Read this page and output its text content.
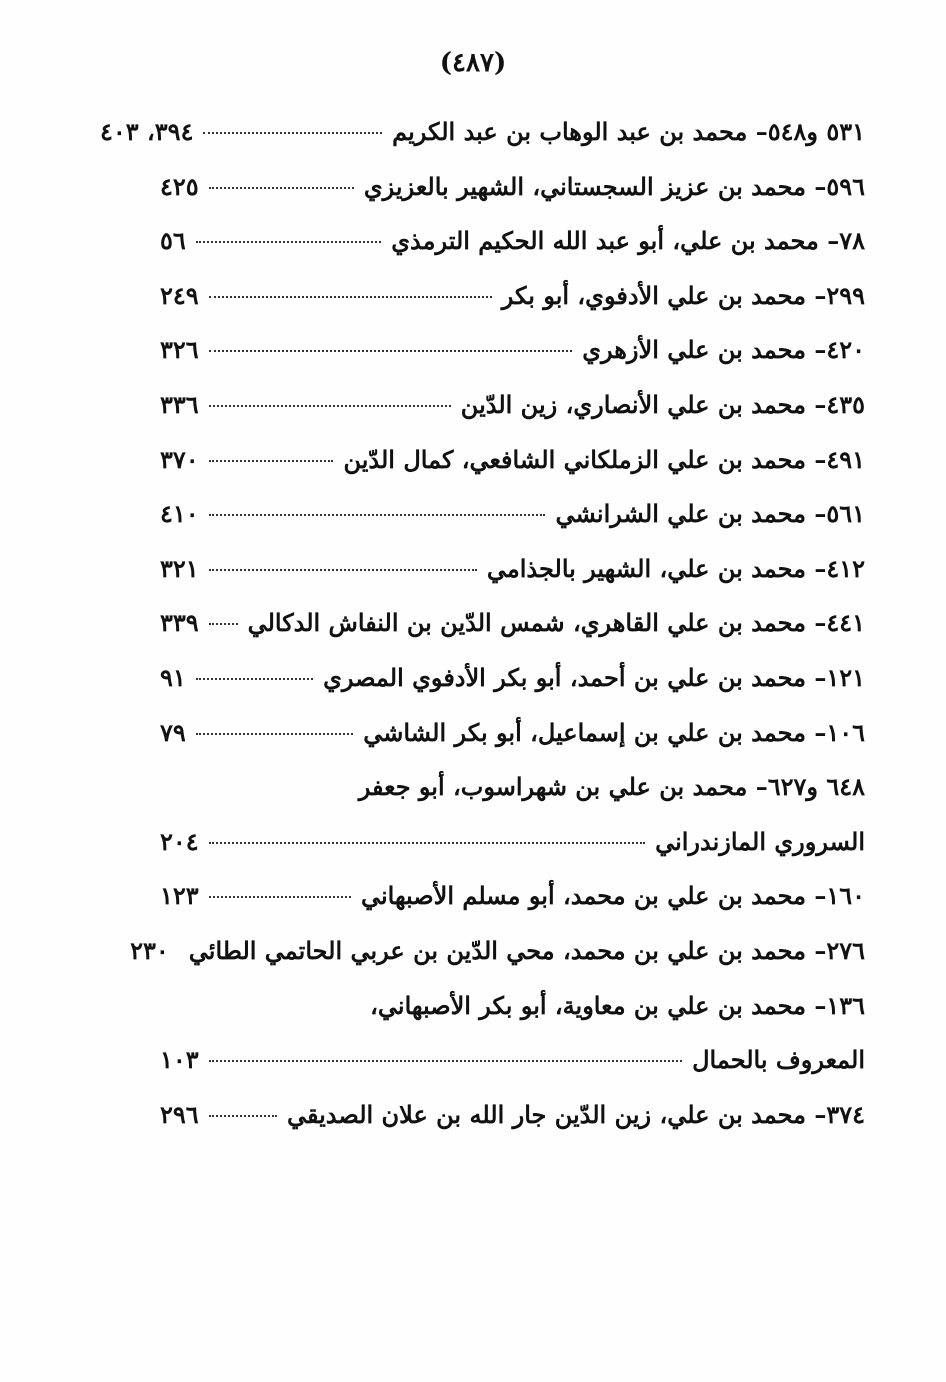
(٤٨٧)
٥٣١ و٥٤٨– محمد بن عبد الوهاب بن عبد الكريم
٣٩٤، ٤٠٣
٥٩٦– محمد بن عزيز السجستاني، الشهير بالعزيزي
٤٢٥
٧٨– محمد بن علي، أبو عبد الله الحكيم الترمذي
٥٦
٢٩٩– محمد بن علي الأدفوي، أبو بكر
٢٤٩
٤٢٠– محمد بن علي الأزهري
٣٢٦
٤٣٥– محمد بن علي الأنصاري، زين الدّين
٣٣٦
٤٩١– محمد بن علي الزملكاني الشافعي، كمال الدّين
٣٧٠
٥٦١– محمد بن علي الشرانشي
٤١٠
٤١٢– محمد بن علي، الشهير بالجذامي
٣٢١
٤٤١– محمد بن علي القاهري، شمس الدّين بن النفاش الدكالي
٣٣٩
١٢١– محمد بن علي بن أحمد، أبو بكر الأدفوي المصري
٩١
١٠٦– محمد بن علي بن إسماعيل، أبو بكر الشاشي
٧٩
٦٤٨ و٦٢٧– محمد بن علي بن شهراسوب، أبو جعفر
السروري المازندراني
٢٠٤
١٦٠– محمد بن علي بن محمد، أبو مسلم الأصبهاني
١٢٣
٢٧٦– محمد بن علي بن محمد، محي الدّين بن عربي الحاتمي الطائي
٢٣٠
١٣٦– محمد بن علي بن معاوية، أبو بكر الأصبهاني،
المعروف بالحمال
١٠٣
٣٧٤– محمد بن علي، زين الدّين جار الله بن علان الصديقي
٢٩٦
